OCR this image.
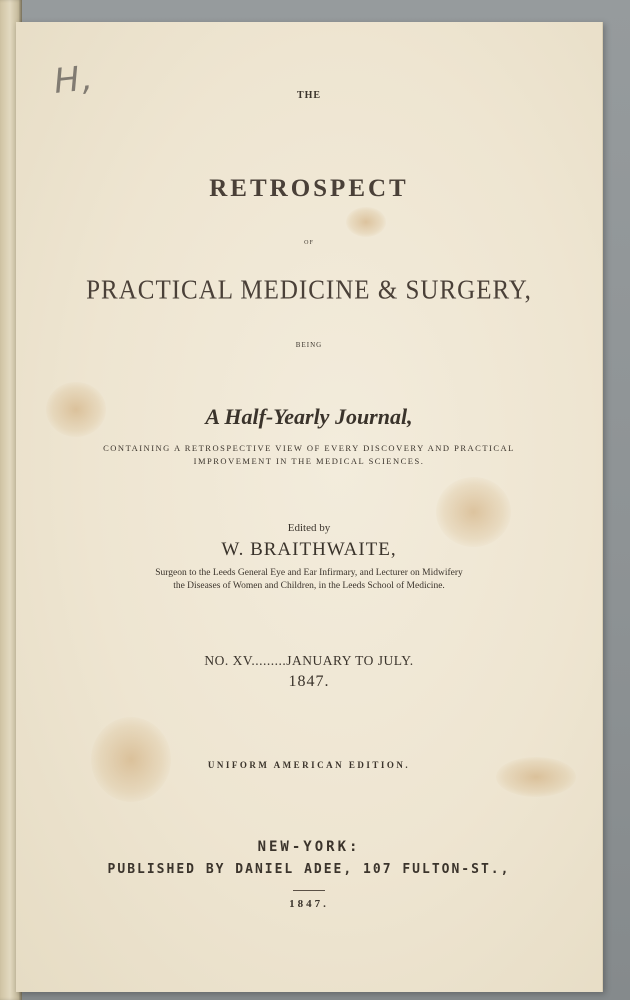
H,	THE
RETROSPECT
OF
PRACTICAL MEDICINE & SURGERY,
BEING
A Half-Yearly Journal,
CONTAINING A RETROSPECTIVE VIEW OF EVERY DISCOVERY AND PRACTICAL
IMPROVEMENT IN THE MEDICAL SCIENCES.
Edited by
W. BRAITHWAITE,
Surgeon to the Leeds General Eye and Ear Infirmary, and Lecturer on Midwifery
the Diseases of Women and Children, in the Leeds School of Medicine.
NO. XV.........JANUARY TO JULY.
1847.
UNIFORM AMERICAN EDITION.
NEW-YORK:
PUBLISHED BY DANIEL ADEE, 107 FULTON-ST.,
1847.
